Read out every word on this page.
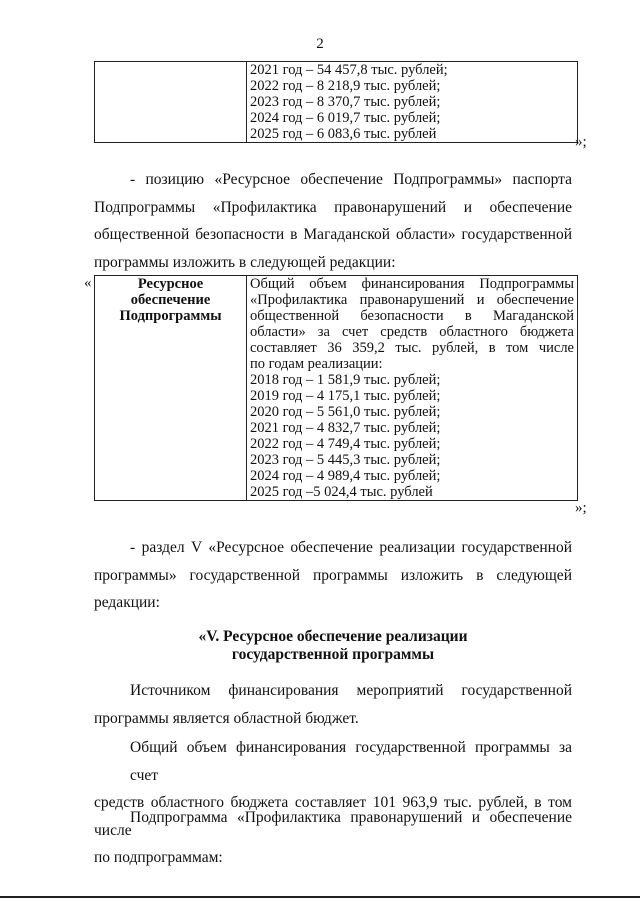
2

2021 год – 54 457,8 тыс. рублей;
2022 год – 8 218,9 тыс. рублей;
2023 год – 8 370,7 тыс. рублей;
2024 год – 6 019,7 тыс. рублей;
2025 год – 6 083,6 тыс. рублей	»;
- позицию «Ресурсное обеспечение Подпрограммы» паспорта
Подпрограммы «Профилактика правонарушений и обеспечение
общественной безопасности в Магаданской области» государственной
программы изложить в следующей редакции:
«	Ресурсное обеспечение Подпрограммы	
Общий объем финансирования Подпрограммы
«Профилактика правонарушений и обеспечение
общественной безопасности в Магаданской
области» за счет средств областного бюджета
составляет 36 359,2 тыс. рублей, в том числе
по годам реализации:
2018 год – 1 581,9 тыс. рублей;
2019 год – 4 175,1 тыс. рублей;
2020 год – 5 561,0 тыс. рублей;
2021 год – 4 832,7 тыс. рублей;
2022 год – 4 749,4 тыс. рублей;
2023 год – 5 445,3 тыс. рублей;
2024 год – 4 989,4 тыс. рублей;
2025 год –5 024,4 тыс. рублей
»;
- раздел V «Ресурсное обеспечение реализации государственной
программы» государственной программы изложить в следующей
редакции:
«V. Ресурсное обеспечение реализации
государственной программы
Источником финансирования мероприятий государственной
программы является областной бюджет.
Общий объем финансирования государственной программы за счет
средств областного бюджета составляет 101 963,9 тыс. рублей, в том числе
по подпрограммам:
Подпрограмма «Профилактика правонарушений и обеспечение
